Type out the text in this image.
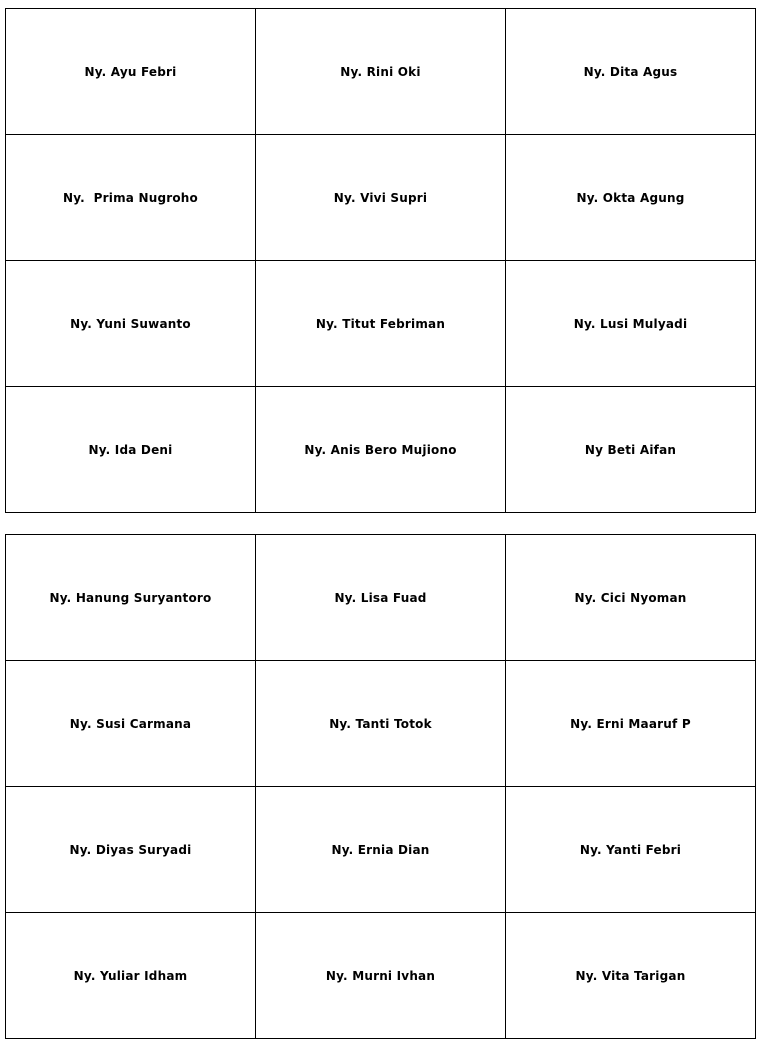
Ny. Ayu Febri	Ny. Rini Oki	Ny. Dita Agus
Ny.  Prima Nugroho	Ny. Vivi Supri	Ny. Okta Agung
Ny. Yuni Suwanto	Ny. Titut Febriman	Ny. Lusi Mulyadi
Ny. Ida Deni	Ny. Anis Bero Mujiono	Ny Beti Aifan
Ny. Hanung Suryantoro	Ny. Lisa Fuad	Ny. Cici Nyoman
Ny. Susi Carmana	Ny. Tanti Totok	Ny. Erni Maaruf P
Ny. Diyas Suryadi	Ny. Ernia Dian	Ny. Yanti Febri
Ny. Yuliar Idham	Ny. Murni Ivhan	Ny. Vita Tarigan
